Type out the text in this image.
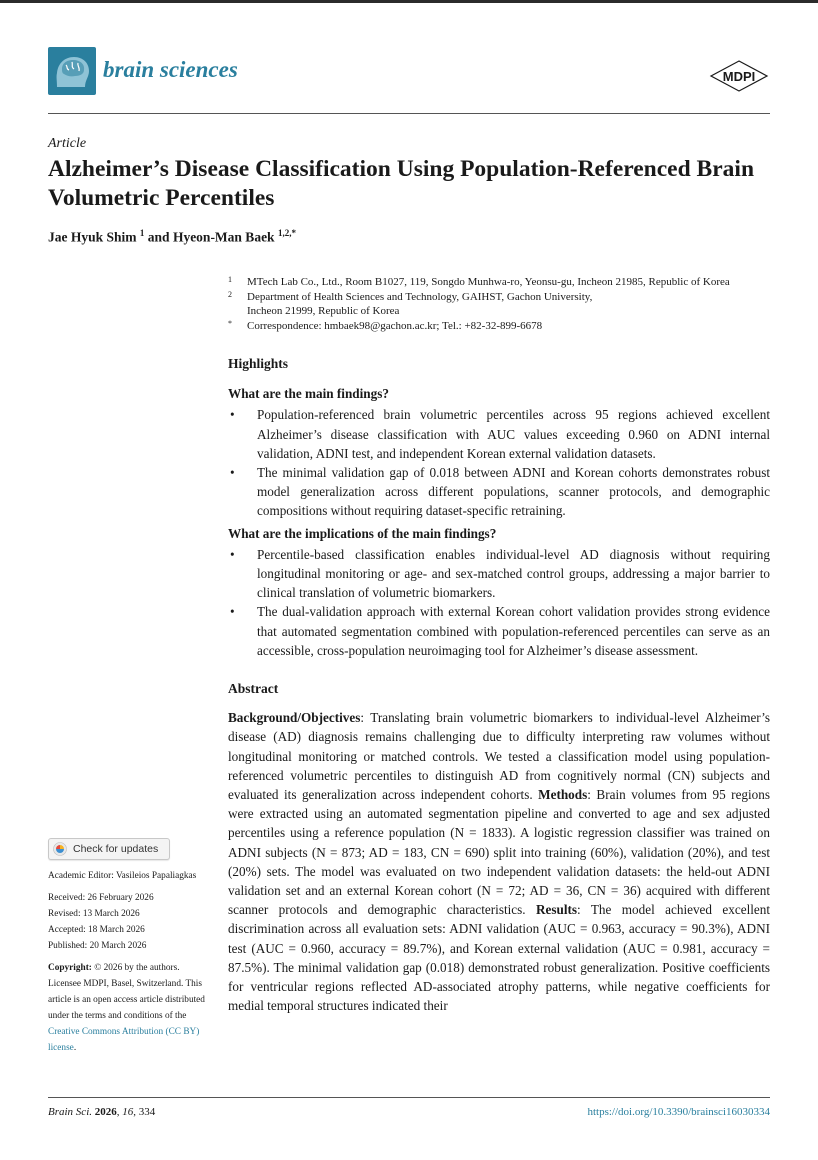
brain sciences	MDPI
Article
Alzheimer’s Disease Classification Using Population-Referenced Brain Volumetric Percentiles
Jae Hyuk Shim $^1$ and Hyeon-Man Baek $^{1,2,*}$
1 MTech Lab Co., Ltd., Room B1027, 119, Songdo Munhwa-ro, Yeonsu-gu, Incheon 21985, Republic of Korea
2 Department of Health Sciences and Technology, GAIHST, Gachon University,
Incheon 21999, Republic of Korea
* Correspondence: hmbaek98@gachon.ac.kr; Tel.: +82-32-899-6678
Highlights
What are the main findings?
• Population-referenced brain volumetric percentiles across 95 regions achieved excellent Alzheimer’s disease classification with AUC values exceeding 0.960 on ADNI internal validation, ADNI test, and independent Korean external validation datasets.
• The minimal validation gap of 0.018 between ADNI and Korean cohorts demonstrates robust model generalization across different populations, scanner protocols, and demographic compositions without requiring dataset-specific retraining.
What are the implications of the main findings?
• Percentile-based classification enables individual-level AD diagnosis without requiring longitudinal monitoring or age- and sex-matched control groups, addressing a major barrier to clinical translation of volumetric biomarkers.
• The dual-validation approach with external Korean cohort validation provides strong evidence that automated segmentation combined with population-referenced percentiles can serve as an accessible, cross-population neuroimaging tool for Alzheimer’s disease assessment.
Abstract
Background/Objectives: Translating brain volumetric biomarkers to individual-level Alzheimer’s disease (AD) diagnosis remains challenging due to difficulty interpreting raw volumes without longitudinal monitoring or matched controls. We tested a classification model using population-referenced volumetric percentiles to distinguish AD from cognitively normal (CN) subjects and evaluated its generalization across independent cohorts. Methods: Brain volumes from 95 regions were extracted using an automated segmentation pipeline and converted to age and sex adjusted percentiles using a reference population (N = 1833). A logistic regression classifier was trained on ADNI subjects (N = 873; AD = 183, CN = 690) split into training (60%), validation (20%), and test (20%) sets. The model was evaluated on two independent validation datasets: the held-out ADNI validation set and an external Korean cohort (N = 72; AD = 36, CN = 36) acquired with different scanner protocols and demographic characteristics. Results: The model achieved excellent discrimination across all evaluation sets: ADNI validation (AUC = 0.963, accuracy = 90.3%), ADNI test (AUC = 0.960, accuracy = 89.7%), and Korean external validation (AUC = 0.981, accuracy = 87.5%). The minimal validation gap (0.018) demonstrated robust generalization. Positive coefficients for ventricular regions reflected AD-associated atrophy patterns, while negative coefficients for medial temporal structures indicated their
Check for updates

Academic Editor: Vasileios Papaliagkas

Received: 26 February 2026

Revised: 13 March 2026

Accepted: 18 March 2026

Published: 20 March 2026

Copyright: © 2026 by the authors. Licensee MDPI, Basel, Switzerland. This article is an open access article distributed under the terms and conditions of the Creative Commons Attribution (CC BY) license.

Brain Sci. 2026, 16, 334	https://doi.org/10.3390/brainsci16030334
